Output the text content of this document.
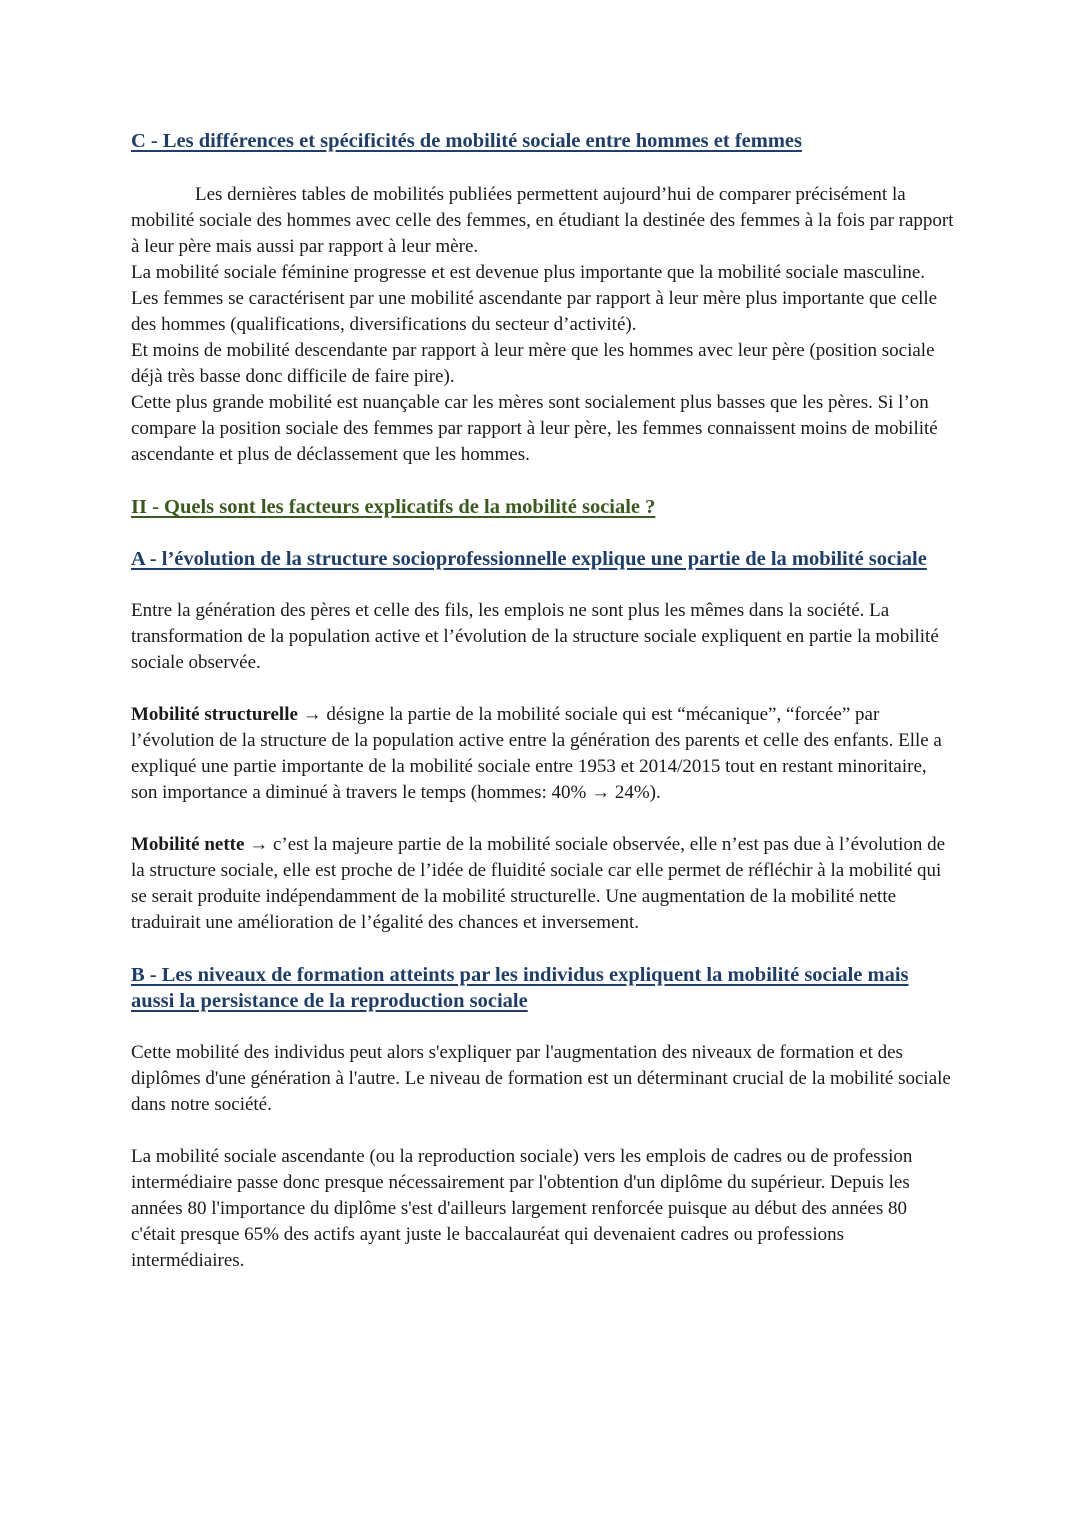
C - Les différences et spécificités de mobilité sociale entre hommes et femmes

Les dernières tables de mobilités publiées permettent aujourd’hui de comparer précisément la mobilité sociale des hommes avec celle des femmes, en étudiant la destinée des femmes à la fois par rapport à leur père mais aussi par rapport à leur mère.
La mobilité sociale féminine progresse et est devenue plus importante que la mobilité sociale masculine. Les femmes se caractérisent par une mobilité ascendante par rapport à leur mère plus importante que celle des hommes (qualifications, diversifications du secteur d’activité).
Et moins de mobilité descendante par rapport à leur mère que les hommes avec leur père (position sociale déjà très basse donc difficile de faire pire).
Cette plus grande mobilité est nuançable car les mères sont socialement plus basses que les pères. Si l’on compare la position sociale des femmes par rapport à leur père, les femmes connaissent moins de mobilité ascendante et plus de déclassement que les hommes.

II - Quels sont les facteurs explicatifs de la mobilité sociale ?
A - l’évolution de la structure socioprofessionnelle explique une partie de la mobilité sociale

Entre la génération des pères et celle des fils, les emplois ne sont plus les mêmes dans la société. La transformation de la population active et l’évolution de la structure sociale expliquent en partie la mobilité sociale observée.

Mobilité structurelle → désigne la partie de la mobilité sociale qui est “mécanique”, “forcée” par l’évolution de la structure de la population active entre la génération des parents et celle des enfants. Elle a expliqué une partie importante de la mobilité sociale entre 1953 et 2014/2015 tout en restant minoritaire, son importance a diminué à travers le temps (hommes: 40% → 24%).

Mobilité nette → c’est la majeure partie de la mobilité sociale observée, elle n’est pas due à l’évolution de la structure sociale, elle est proche de l’idée de fluidité sociale car elle permet de réfléchir à la mobilité qui se serait produite indépendamment de la mobilité structurelle. Une augmentation de la mobilité nette traduirait une amélioration de l’égalité des chances et inversement.

B - Les niveaux de formation atteints par les individus expliquent la mobilité sociale mais aussi la persistance de la reproduction sociale

Cette mobilité des individus peut alors s'expliquer par l'augmentation des niveaux de formation et des diplômes d'une génération à l'autre. Le niveau de formation est un déterminant crucial de la mobilité sociale dans notre société.

La mobilité sociale ascendante (ou la reproduction sociale) vers les emplois de cadres ou de profession intermédiaire passe donc presque nécessairement par l'obtention d'un diplôme du supérieur. Depuis les années 80 l'importance du diplôme s'est d'ailleurs largement renforcée puisque au début des années 80 c'était presque 65% des actifs ayant juste le baccalauréat qui devenaient cadres ou professions intermédiaires.
